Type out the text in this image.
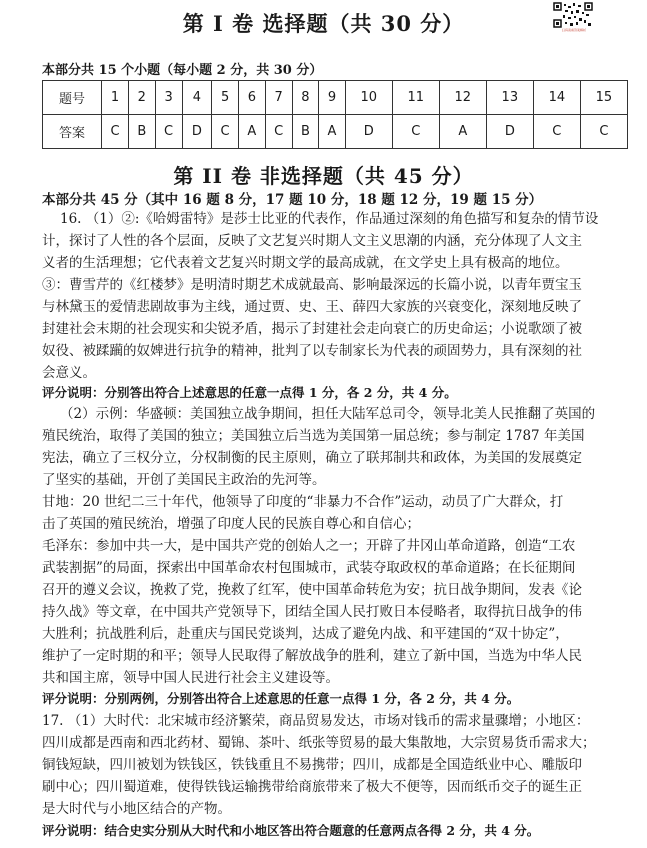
扫码查看答案解析
第 I 卷 选择题（共 30 分）
本部分共 15 个小题（每小题 2 分，共 30 分）
题号	1	2	3	4	5	6	7	8	9	10	11	12	13	14	15
答案	C	B	C	D	C	A	C	B	A	D	C	A	D	C	C
第 II 卷 非选择题（共 45 分）
本部分共 45 分（其中 16 题 8 分，17 题 10 分，18 题 12 分，19 题 15 分）
16. （1）②:《哈姆雷特》是莎士比亚的代表作，作品通过深刻的角色描写和复杂的情节设
计，探讨了人性的各个层面，反映了文艺复兴时期人文主义思潮的内涵，充分体现了人文主
义者的生活理想；它代表着文艺复兴时期文学的最高成就，在文学史上具有极高的地位。
③：曹雪芹的《红楼梦》是明清时期艺术成就最高、影响最深远的长篇小说，以青年贾宝玉
与林黛玉的爱情悲剧故事为主线，通过贾、史、王、薛四大家族的兴衰变化，深刻地反映了
封建社会末期的社会现实和尖锐矛盾，揭示了封建社会走向衰亡的历史命运；小说歌颂了被
奴役、被蹂躏的奴婢进行抗争的精神，批判了以专制家长为代表的顽固势力，具有深刻的社
会意义。
评分说明：分别答出符合上述意思的任意一点得 1 分，各 2 分，共 4 分。
（2）示例：华盛顿：美国独立战争期间，担任大陆军总司令，领导北美人民推翻了英国的
殖民统治，取得了美国的独立；美国独立后当选为美国第一届总统；参与制定 1787 年美国
宪法，确立了三权分立，分权制衡的民主原则，确立了联邦制共和政体，为美国的发展奠定
了坚实的基础，开创了美国民主政治的先河等。
甘地：20 世纪二三十年代，他领导了印度的“非暴力不合作”运动，动员了广大群众，打
击了英国的殖民统治，增强了印度人民的民族自尊心和自信心；
毛泽东：参加中共一大，是中国共产党的创始人之一；开辟了井冈山革命道路，创造“工农
武装割据”的局面，探索出中国革命农村包围城市，武装夺取政权的革命道路；在长征期间
召开的遵义会议，挽救了党，挽救了红军，使中国革命转危为安；抗日战争期间，发表《论
持久战》等文章，在中国共产党领导下，团结全国人民打败日本侵略者，取得抗日战争的伟
大胜利；抗战胜利后，赴重庆与国民党谈判，达成了避免内战、和平建国的“双十协定”，
维护了一定时期的和平；领导人民取得了解放战争的胜利，建立了新中国，当选为中华人民
共和国主席，领导中国人民进行社会主义建设等。
评分说明：分别两例，分别答出符合上述意思的任意一点得 1 分，各 2 分，共 4 分。
17. （1）大时代：北宋城市经济繁荣，商品贸易发达，市场对钱币的需求量骤增；小地区：
四川成都是西南和西北药材、蜀锦、茶叶、纸张等贸易的最大集散地，大宗贸易货币需求大；
铜钱短缺，四川被划为铁钱区，铁钱重且不易携带；四川，成都是全国造纸业中心、雕版印
刷中心；四川蜀道难，使得铁钱运输携带给商旅带来了极大不便等，因而纸币交子的诞生正
是大时代与小地区结合的产物。
评分说明：结合史实分别从大时代和小地区答出符合题意的任意两点各得 2 分，共 4 分。
